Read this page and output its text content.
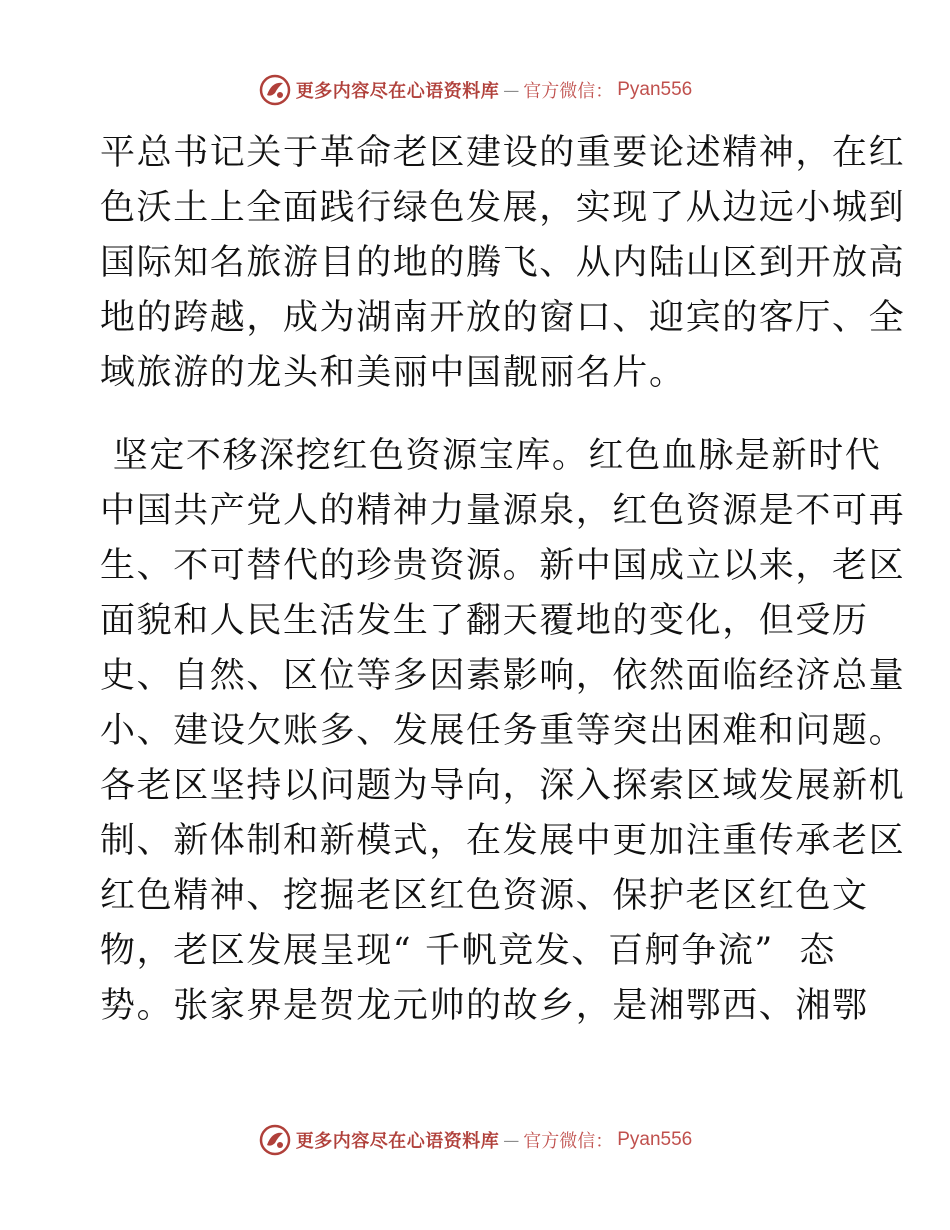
更多内容尽在心语资料库 — 官方微信： Pyan556
平总书记关于革命老区建设的重要论述精神，在红
色沃土上全面践行绿色发展，实现了从边远小城到
国际知名旅游目的地的腾飞、从内陆山区到开放高
地的跨越，成为湖南开放的窗口、迎宾的客厅、全
域旅游的龙头和美丽中国靓丽名片。
坚定不移深挖红色资源宝库。红色血脉是新时代
中国共产党人的精神力量源泉，红色资源是不可再
生、不可替代的珍贵资源。新中国成立以来，老区
面貌和人民生活发生了翻天覆地的变化，但受历
史、自然、区位等多因素影响，依然面临经济总量
小、建设欠账多、发展任务重等突出困难和问题。
各老区坚持以问题为导向，深入探索区域发展新机
制、新体制和新模式，在发展中更加注重传承老区
红色精神、挖掘老区红色资源、保护老区红色文
物，老区发展呈现“ 千帆竞发、百舸争流”  态
势。张家界是贺龙元帅的故乡，是湘鄂西、湘鄂
更多内容尽在心语资料库 — 官方微信： Pyan556
